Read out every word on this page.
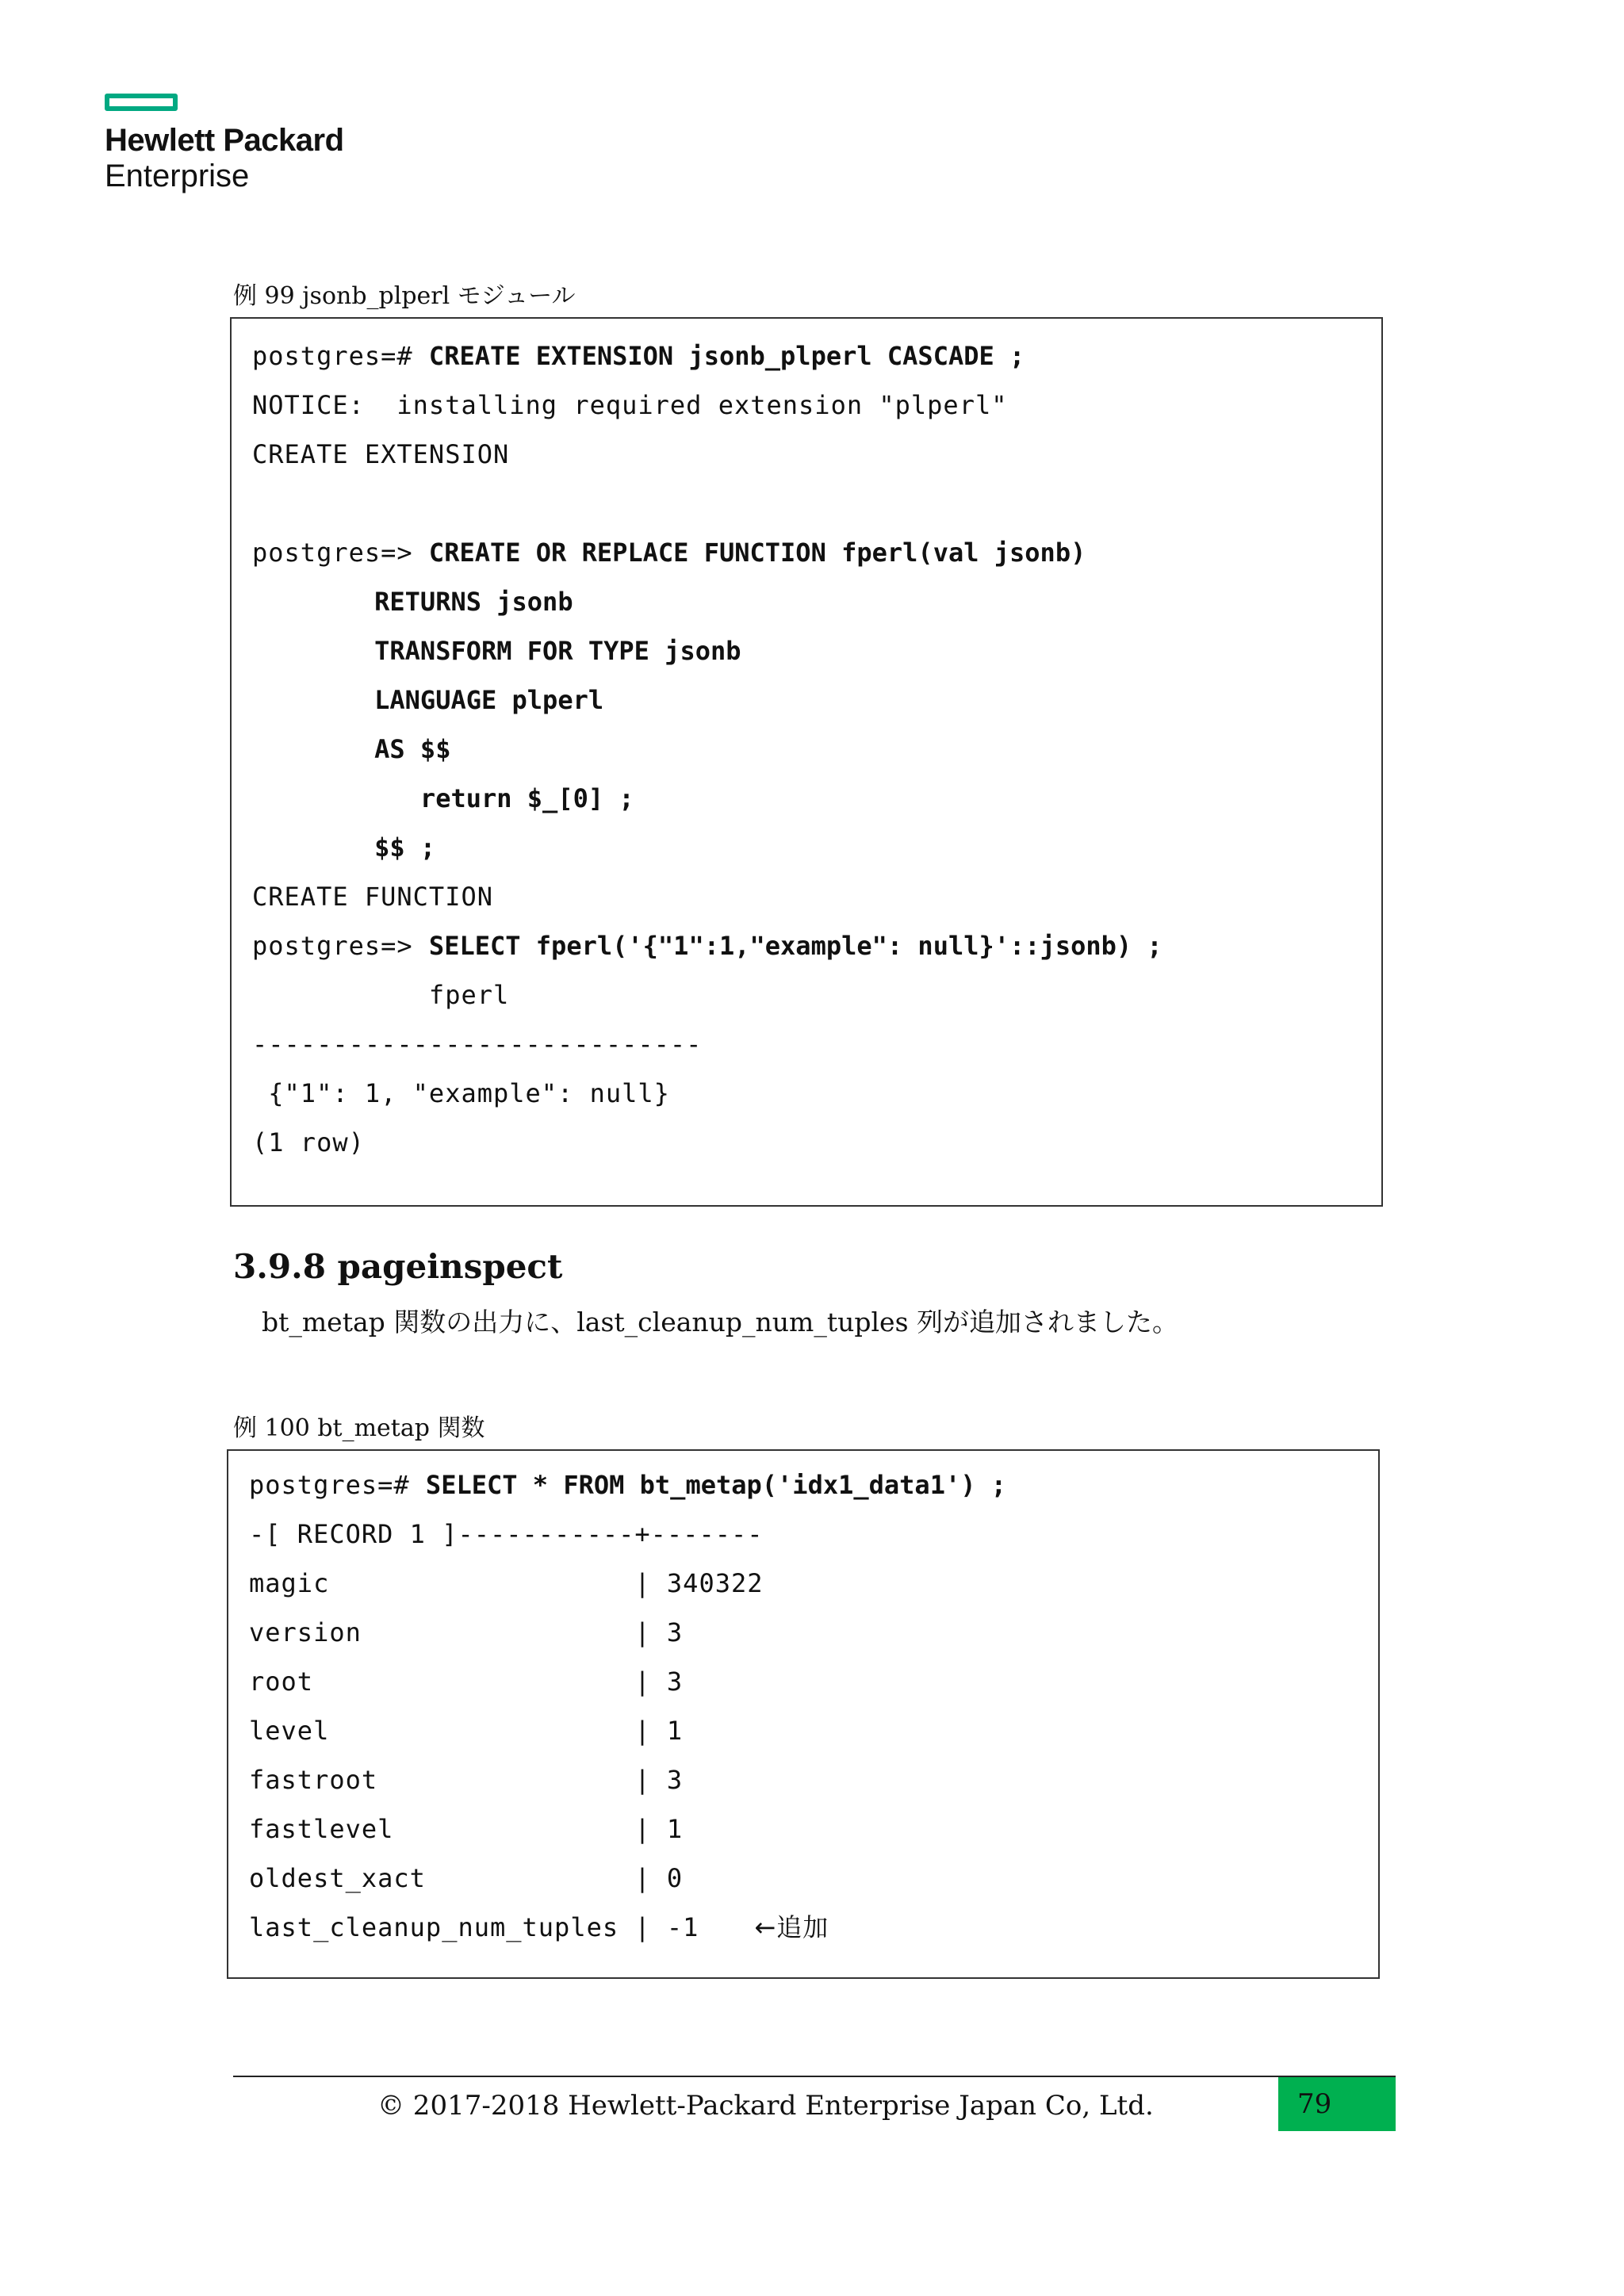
Hewlett Packard
Enterprise
例 99 jsonb_plperl モジュール
postgres=# CREATE EXTENSION jsonb_plperl CASCADE ;
NOTICE:  installing required extension "plperl"
CREATE EXTENSION
postgres=> CREATE OR REPLACE FUNCTION fperl(val jsonb)
RETURNS jsonb
TRANSFORM FOR TYPE jsonb
LANGUAGE plperl
AS $$
return $_[0] ;
$$ ;
CREATE FUNCTION
postgres=> SELECT fperl('{"1":1,"example": null}'::jsonb) ;
fperl
----------------------------
{"1": 1, "example": null}
(1 row)
3.9.8 pageinspect
bt_metap 関数の出力に、last_cleanup_num_tuples 列が追加されました。
例 100 bt_metap 関数
postgres=# SELECT * FROM bt_metap('idx1_data1') ;
-[ RECORD 1 ]-----------+-------
magic                   | 340322
version                 | 3
root                    | 3
level                   | 1
fastroot                | 3
fastlevel               | 1
oldest_xact             | 0
last_cleanup_num_tuples | -1 ←追加
© 2017-2018 Hewlett-Packard Enterprise Japan Co, Ltd.	79
